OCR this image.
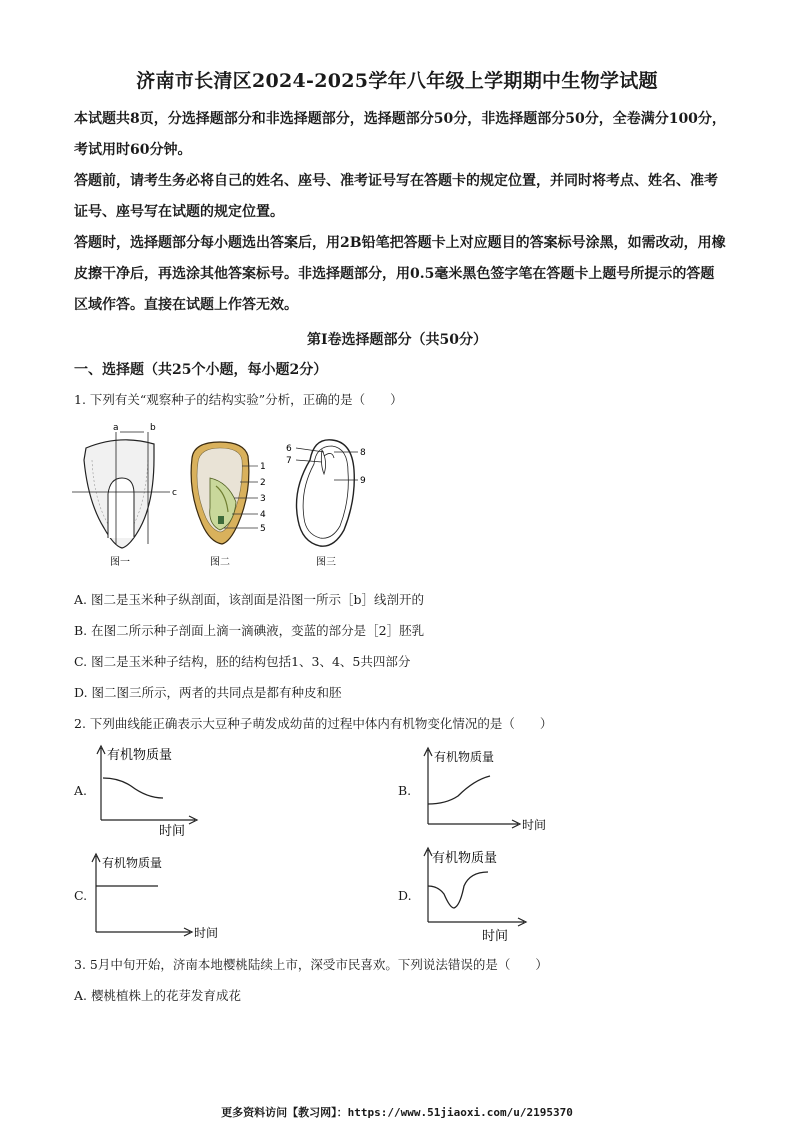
济南市长清区2024-2025学年八年级上学期期中生物学试题
本试题共8页，分选择题部分和非选择题部分，选择题部分50分，非选择题部分50分，全卷满分100分，考试用时60分钟。
答题前，请考生务必将自己的姓名、座号、准考证号写在答题卡的规定位置，并同时将考点、姓名、准考证号、座号写在试题的规定位置。
答题时，选择题部分每小题选出答案后，用2B铅笔把答题卡上对应题目的答案标号涂黑，如需改动，用橡皮擦干净后，再选涂其他答案标号。非选择题部分，用0.5毫米黑色签字笔在答题卡上题号所提示的答题区域作答。直接在试题上作答无效。
第I卷选择题部分（共50分）
一、选择题（共25个小题，每小题2分）
1. 下列有关“观察种子的结构实验”分析，正确的是（　　）
a	b
c
图一
1
2
3
4
5
图二
6
7
8
9
图三
A. 图二是玉米种子纵剖面，该剖面是沿图一所示［b］线剖开的
B. 在图二所示种子剖面上滴一滴碘液，变蓝的部分是［2］胚乳
C. 图二是玉米种子结构，胚的结构包括1、3、4、5共四部分
D. 图二图三所示，两者的共同点是都有种皮和胚
2. 下列曲线能正确表示大豆种子萌发成幼苗的过程中体内有机物变化情况的是（　　）
A.
有机物质量
时间
B.
有机物质量
时间
C.
有机物质量
时间
D.
有机物质量
时间
3. 5月中旬开始，济南本地樱桃陆续上市，深受市民喜欢。下列说法错误的是（　　）
A. 樱桃植株上的花芽发育成花
更多资料访问【教习网】：https://www.51jiaoxi.com/u/2195370
